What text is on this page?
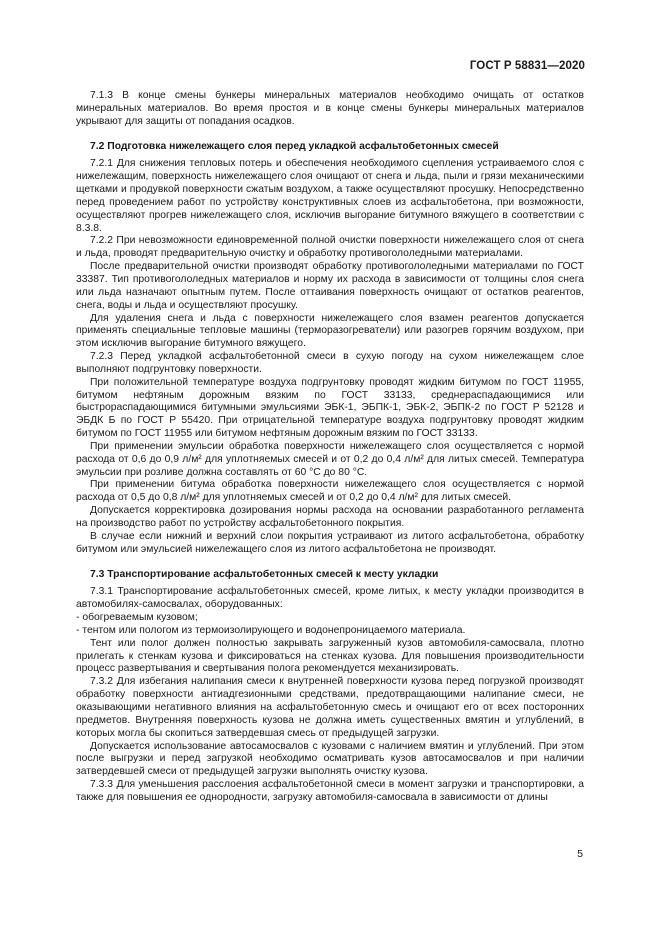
ГОСТ Р 58831—2020

7.1.3 В конце смены бункеры минеральных материалов необходимо очищать от остатков минеральных материалов. Во время простоя и в конце смены бункеры минеральных материалов укрывают для защиты от попадания осадков.

7.2 Подготовка нижележащего слоя перед укладкой асфальтобетонных смесей

7.2.1 Для снижения тепловых потерь и обеспечения необходимого сцепления устраиваемого слоя с нижележащим, поверхность нижележащего слоя очищают от снега и льда, пыли и грязи механическими щетками и продувкой поверхности сжатым воздухом, а также осуществляют просушку. Непосредственно перед проведением работ по устройству конструктивных слоев из асфальтобетона, при возможности, осуществляют прогрев нижележащего слоя, исключив выгорание битумного вяжущего в соответствии с 8.3.8.

7.2.2 При невозможности единовременной полной очистки поверхности нижележащего слоя от снега и льда, проводят предварительную очистку и обработку противогололедными материалами.

После предварительной очистки производят обработку противогололедными материалами по ГОСТ 33387. Тип противогололедных материалов и норму их расхода в зависимости от толщины слоя снега или льда назначают опытным путем. После оттаивания поверхность очищают от остатков реагентов, снега, воды и льда и осуществляют просушку.

Для удаления снега и льда с поверхности нижележащего слоя взамен реагентов допускается применять специальные тепловые машины (терморазогреватели) или разогрев горячим воздухом, при этом исключив выгорание битумного вяжущего.

7.2.3 Перед укладкой асфальтобетонной смеси в сухую погоду на сухом нижележащем слое выполняют подгрунтовку поверхности.

При положительной температуре воздуха подгрунтовку проводят жидким битумом по ГОСТ 11955, битумом нефтяным дорожным вязким по ГОСТ 33133, среднераспадающимися или быстрораспадающимися битумными эмульсиями ЭБК-1, ЭБПК-1, ЭБК-2, ЭБПК-2 по ГОСТ Р 52128 и ЭБДК Б по ГОСТ Р 55420. При отрицательной температуре воздуха подгрунтовку проводят жидким битумом по ГОСТ 11955 или битумом нефтяным дорожным вязким по ГОСТ 33133.

При применении эмульсии обработка поверхности нижележащего слоя осуществляется с нормой расхода от 0,6 до 0,9 л/м² для уплотняемых смесей и от 0,2 до 0,4 л/м² для литых смесей. Температура эмульсии при розливе должна составлять от 60 °С до 80 °С.

При применении битума обработка поверхности нижележащего слоя осуществляется с нормой расхода от 0,5 до 0,8 л/м² для уплотняемых смесей и от 0,2 до 0,4 л/м² для литых смесей.

Допускается корректировка дозирования нормы расхода на основании разработанного регламента на производство работ по устройству асфальтобетонного покрытия.

В случае если нижний и верхний слои покрытия устраивают из литого асфальтобетона, обработку битумом или эмульсией нижележащего слоя из литого асфальтобетона не производят.

7.3 Транспортирование асфальтобетонных смесей к месту укладки

7.3.1 Транспортирование асфальтобетонных смесей, кроме литых, к месту укладки производится в автомобилях-самосвалах, оборудованных:

- обогреваемым кузовом;

- тентом или пологом из термоизолирующего и водонепроницаемого материала.

Тент или полог должен полностью закрывать загруженный кузов автомобиля-самосвала, плотно прилегать к стенкам кузова и фиксироваться на стенках кузова. Для повышения производительности процесс развертывания и свертывания полога рекомендуется механизировать.

7.3.2 Для избегания налипания смеси к внутренней поверхности кузова перед погрузкой производят обработку поверхности антиадгезионными средствами, предотвращающими налипание смеси, не оказывающими негативного влияния на асфальтобетонную смесь и очищают его от всех посторонних предметов. Внутренняя поверхность кузова не должна иметь существенных вмятин и углублений, в которых могла бы скопиться затвердевшая смесь от предыдущей загрузки.

Допускается использование автосамосвалов с кузовами с наличием вмятин и углублений. При этом после выгрузки и перед загрузкой необходимо осматривать кузов автосамосвалов и при наличии затвердевшей смеси от предыдущей загрузки выполнять очистку кузова.

7.3.3 Для уменьшения расслоения асфальтобетонной смеси в момент загрузки и транспортировки, а также для повышения ее однородности, загрузку автомобиля-самосвала в зависимости от длины

5
